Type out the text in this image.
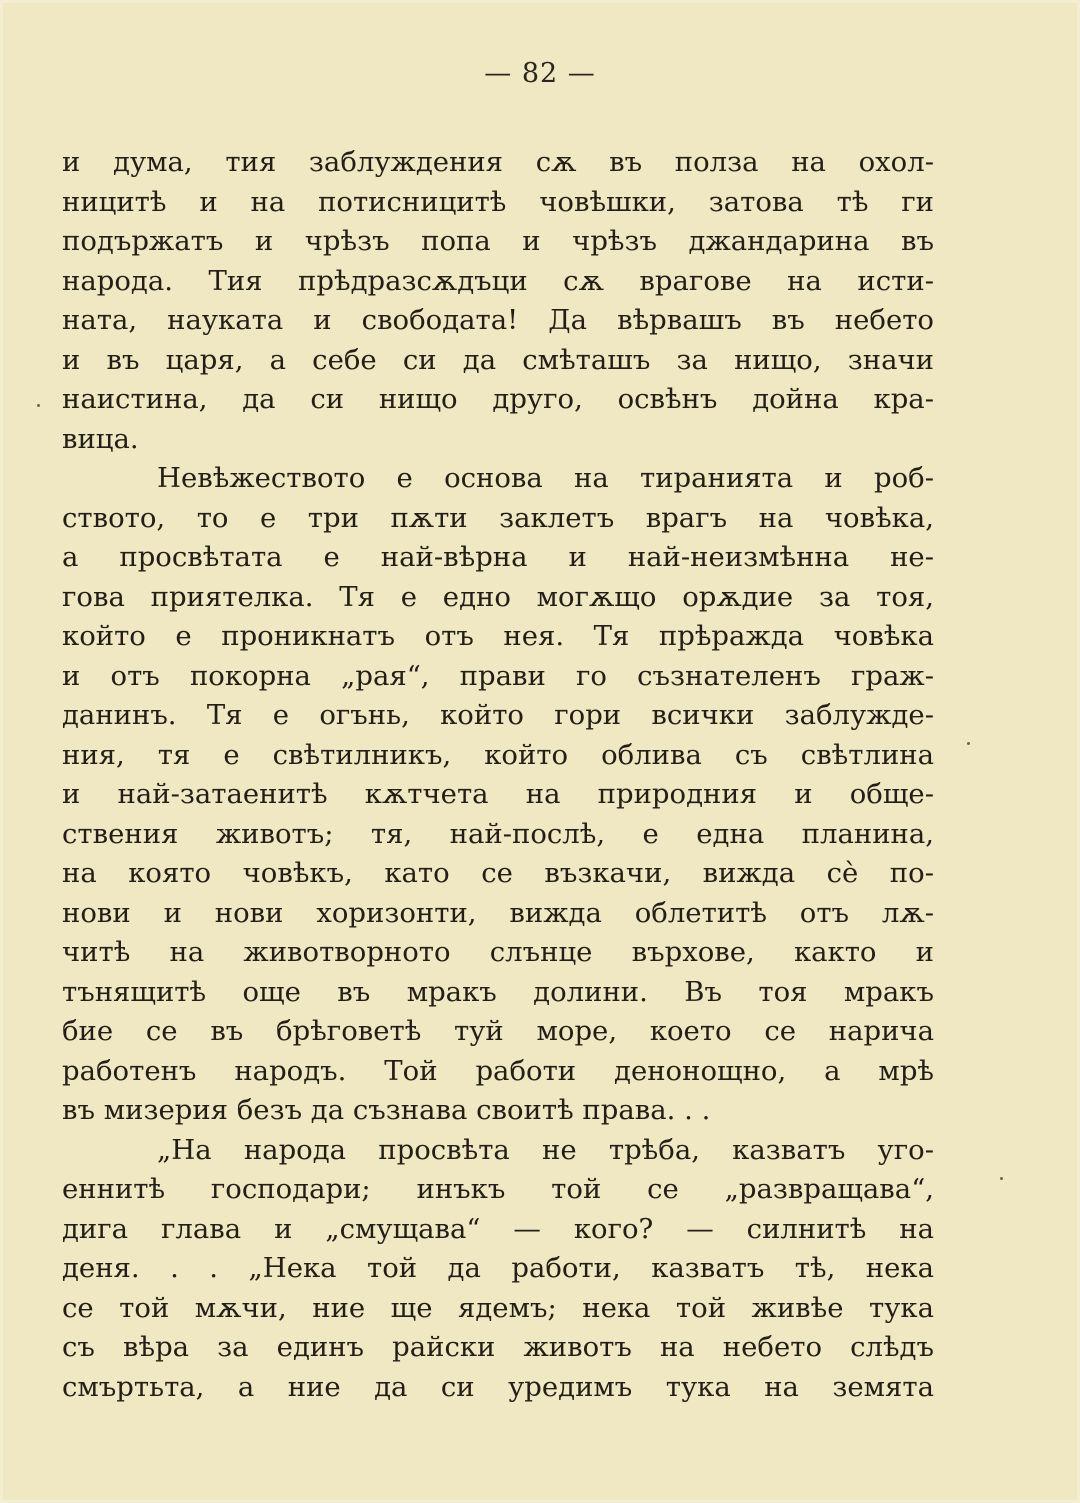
— 82 —
и дума, тия заблуждения сѫ въ полза на охол-
ницитѣ и на потисницитѣ човѣшки, затова тѣ ги
подържатъ и чрѣзъ попа и чрѣзъ джандарина въ
народа. Тия прѣдразсѫдъци сѫ врагове на исти-
ната, науката и свободата! Да вѣрвашъ въ небето
и въ царя, а себе си да смѣташъ за нищо, значи
наистина, да си нищо друго, освѣнъ дойна кра-
вица.
Невѣжеството е основа на тиранията и роб-
ството, то е три пѫти заклетъ врагъ на човѣка,
а просвѣтата е най-вѣрна и най-неизмѣнна не-
гова приятелка. Тя е едно могѫщо орѫдие за тоя,
който е проникнатъ отъ нея. Тя прѣражда човѣка
и отъ покорна „рая“, прави го съзнателенъ граж-
данинъ. Тя е огънь, който гори всички заблужде-
ния, тя е свѣтилникъ, който облива съ свѣтлина
и най-затаенитѣ кѫтчета на природния и обще-
ствения животъ; тя, най-послѣ, е една планина,
на която човѣкъ, като се възкачи, вижда сѐ по-
нови и нови хоризонти, вижда облетитѣ отъ лѫ-
читѣ на животворното слънце върхове, както и
тънящитѣ още въ мракъ долини. Въ тоя мракъ
бие се въ брѣговетѣ туй море, което се нарича
работенъ народъ. Той работи денонощно, а мрѣ
въ мизерия безъ да съзнава своитѣ права. . .
„На народа просвѣта не трѣба, казватъ уго-
еннитѣ господари; инъкъ той се „развращава“,
дига глава и „смущава“ — кого? — силнитѣ на
деня. . . „Нека той да работи, казватъ тѣ, нека
се той мѫчи, ние ще ядемъ; нека той живѣе тука
съ вѣра за единъ райски животъ на небето слѣдъ
смъртьта, а ние да си уредимъ тука на земята
